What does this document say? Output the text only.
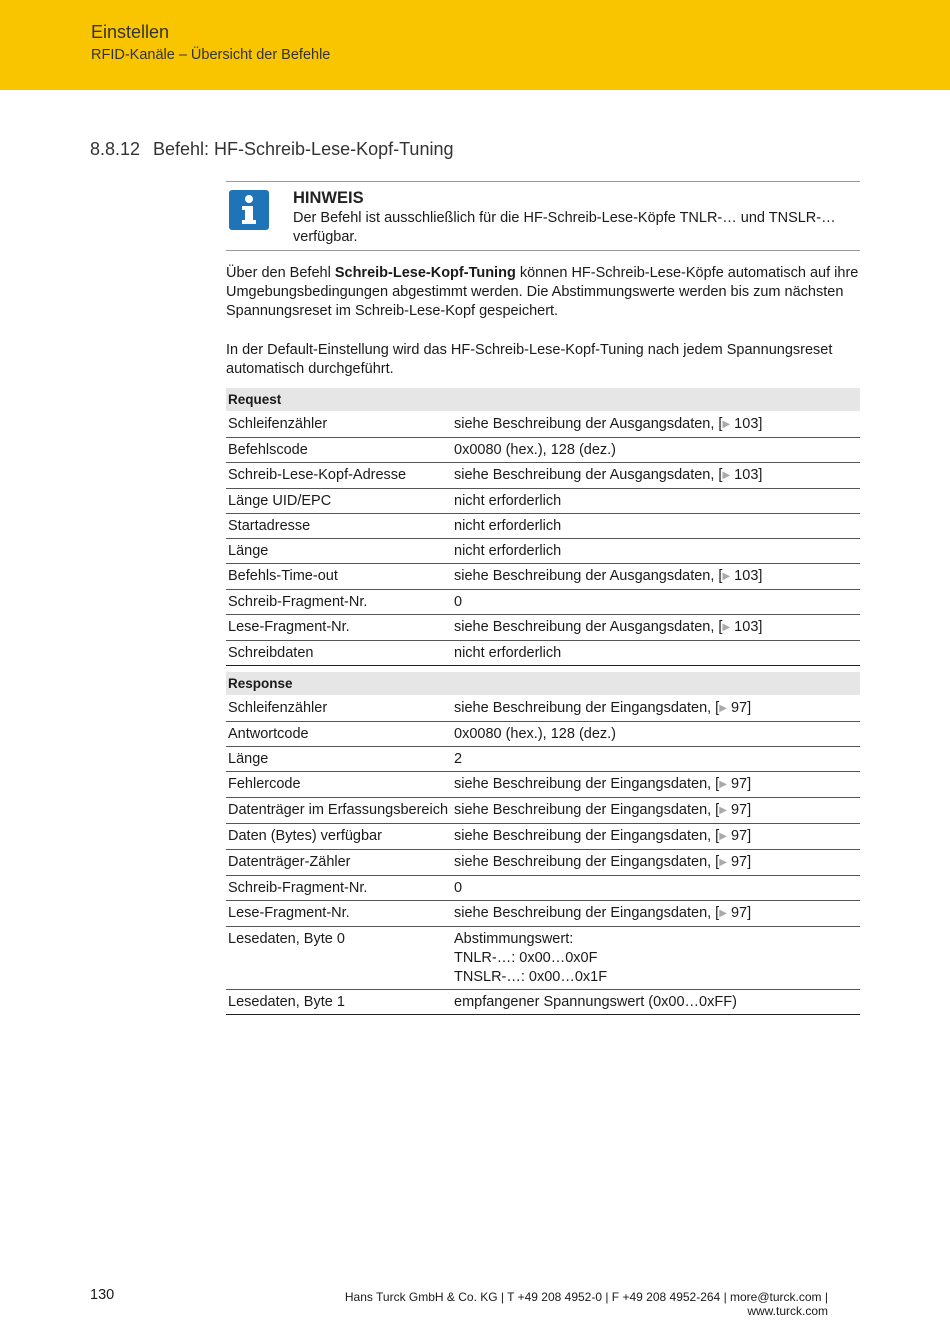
Einstellen
RFID-Kanäle – Übersicht der Befehle
8.8.12 Befehl: HF-Schreib-Lese-Kopf-Tuning
HINWEIS
Der Befehl ist ausschließlich für die HF-Schreib-Lese-Köpfe TNLR-… und TNSLR-… verfügbar.
Über den Befehl Schreib-Lese-Kopf-Tuning können HF-Schreib-Lese-Köpfe automatisch auf ihre Umgebungsbedingungen abgestimmt werden. Die Abstimmungswerte werden bis zum nächsten Spannungsreset im Schreib-Lese-Kopf gespeichert.
In der Default-Einstellung wird das HF-Schreib-Lese-Kopf-Tuning nach jedem Spannungsreset automatisch durchgeführt.
Request	
Schleifenzähler	siehe Beschreibung der Ausgangsdaten, [▶ 103]
Befehlscode	0x0080 (hex.), 128 (dez.)
Schreib-Lese-Kopf-Adresse	siehe Beschreibung der Ausgangsdaten, [▶ 103]
Länge UID/EPC	nicht erforderlich
Startadresse	nicht erforderlich
Länge	nicht erforderlich
Befehls-Time-out	siehe Beschreibung der Ausgangsdaten, [▶ 103]
Schreib-Fragment-Nr.	0
Lese-Fragment-Nr.	siehe Beschreibung der Ausgangsdaten, [▶ 103]
Schreibdaten	nicht erforderlich
Response	
Schleifenzähler	siehe Beschreibung der Eingangsdaten, [▶ 97]
Antwortcode	0x0080 (hex.), 128 (dez.)
Länge	2
Fehlercode	siehe Beschreibung der Eingangsdaten, [▶ 97]
Datenträger im Erfassungsbereich	siehe Beschreibung der Eingangsdaten, [▶ 97]
Daten (Bytes) verfügbar	siehe Beschreibung der Eingangsdaten, [▶ 97]
Datenträger-Zähler	siehe Beschreibung der Eingangsdaten, [▶ 97]
Schreib-Fragment-Nr.	0
Lese-Fragment-Nr.	siehe Beschreibung der Eingangsdaten, [▶ 97]
Lesedaten, Byte 0	Abstimmungswert:
TNLR-…: 0x00…0x0F
TNSLR-…: 0x00…0x1F
Lesedaten, Byte 1	empfangener Spannungswert (0x00…0xFF)
130	Hans Turck GmbH & Co. KG | T +49 208 4952-0 | F +49 208 4952-264 | more@turck.com | www.turck.com
